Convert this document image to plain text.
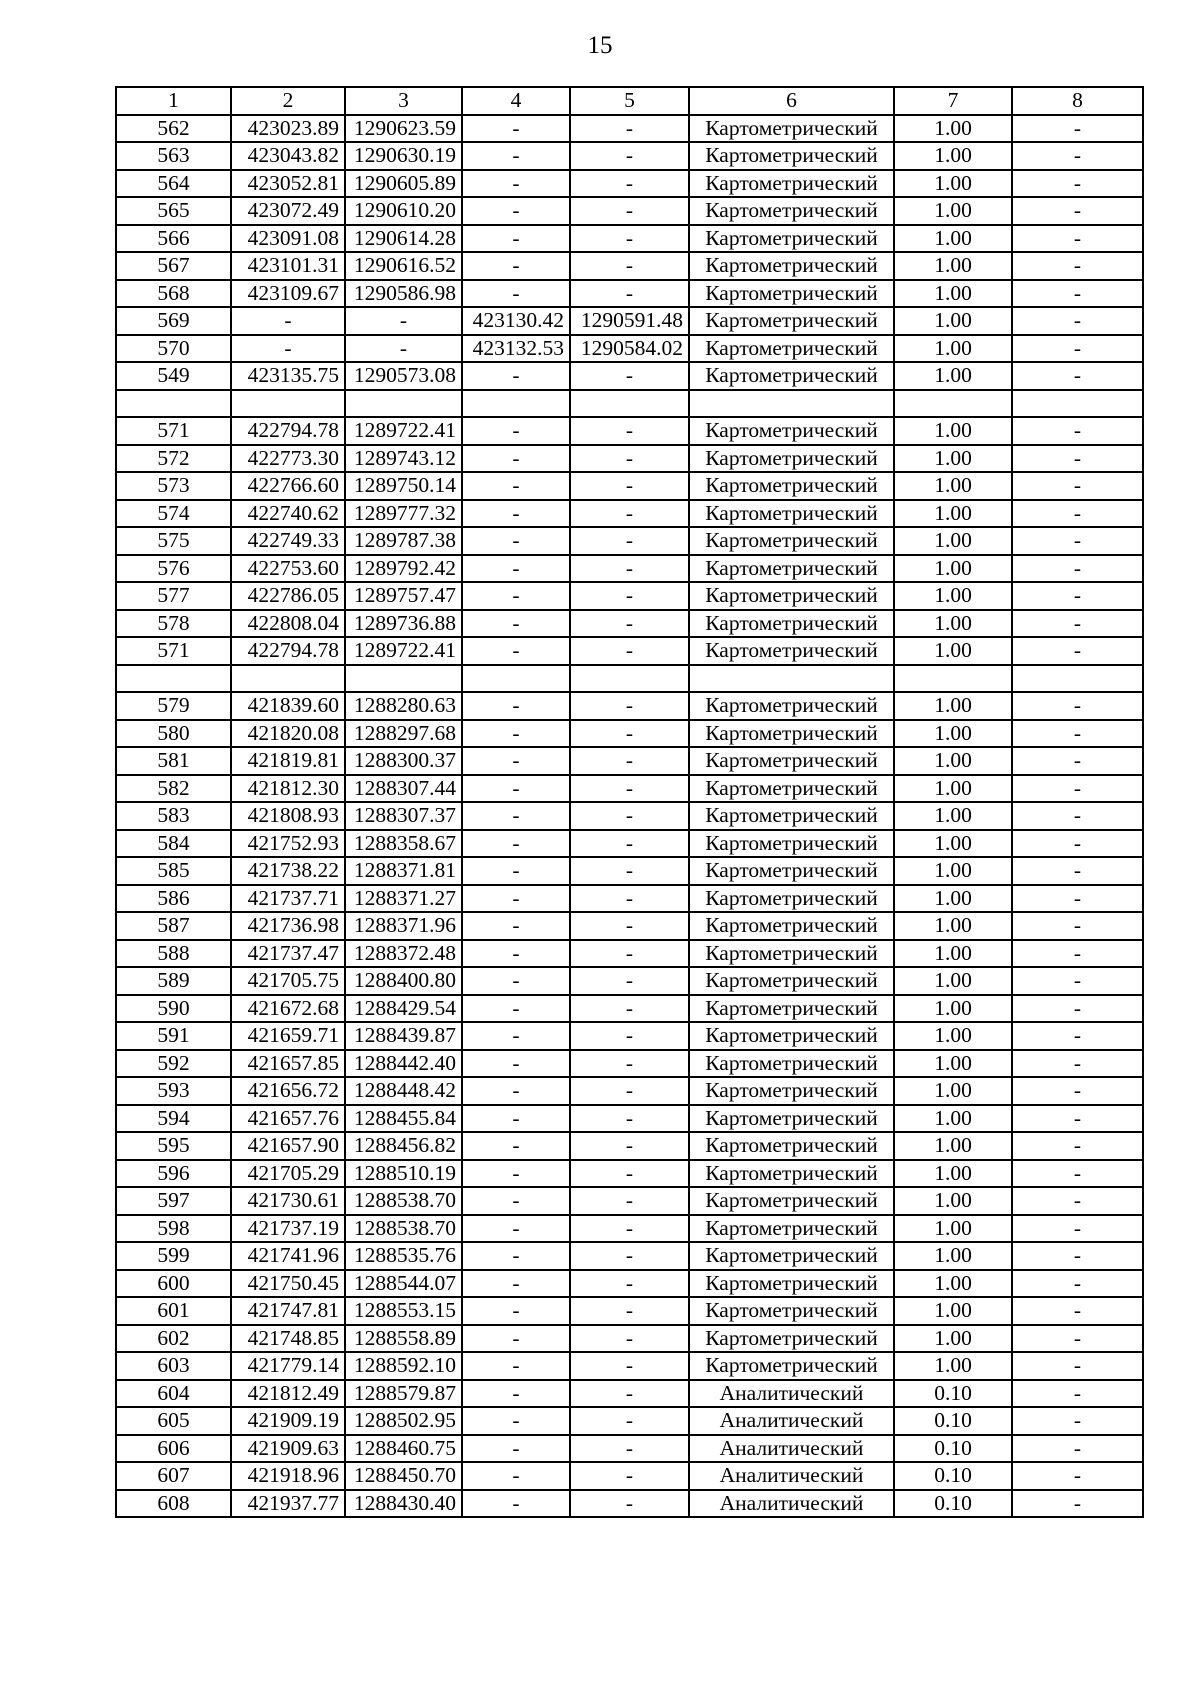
15
1	2	3	4	5	6	7	8
562	423023.89	1290623.59	-	-	Картометрический	1.00	-
563	423043.82	1290630.19	-	-	Картометрический	1.00	-
564	423052.81	1290605.89	-	-	Картометрический	1.00	-
565	423072.49	1290610.20	-	-	Картометрический	1.00	-
566	423091.08	1290614.28	-	-	Картометрический	1.00	-
567	423101.31	1290616.52	-	-	Картометрический	1.00	-
568	423109.67	1290586.98	-	-	Картометрический	1.00	-
569	-	-	423130.42	1290591.48	Картометрический	1.00	-
570	-	-	423132.53	1290584.02	Картометрический	1.00	-
549	423135.75	1290573.08	-	-	Картометрический	1.00	-

571	422794.78	1289722.41	-	-	Картометрический	1.00	-
572	422773.30	1289743.12	-	-	Картометрический	1.00	-
573	422766.60	1289750.14	-	-	Картометрический	1.00	-
574	422740.62	1289777.32	-	-	Картометрический	1.00	-
575	422749.33	1289787.38	-	-	Картометрический	1.00	-
576	422753.60	1289792.42	-	-	Картометрический	1.00	-
577	422786.05	1289757.47	-	-	Картометрический	1.00	-
578	422808.04	1289736.88	-	-	Картометрический	1.00	-
571	422794.78	1289722.41	-	-	Картометрический	1.00	-

579	421839.60	1288280.63	-	-	Картометрический	1.00	-
580	421820.08	1288297.68	-	-	Картометрический	1.00	-
581	421819.81	1288300.37	-	-	Картометрический	1.00	-
582	421812.30	1288307.44	-	-	Картометрический	1.00	-
583	421808.93	1288307.37	-	-	Картометрический	1.00	-
584	421752.93	1288358.67	-	-	Картометрический	1.00	-
585	421738.22	1288371.81	-	-	Картометрический	1.00	-
586	421737.71	1288371.27	-	-	Картометрический	1.00	-
587	421736.98	1288371.96	-	-	Картометрический	1.00	-
588	421737.47	1288372.48	-	-	Картометрический	1.00	-
589	421705.75	1288400.80	-	-	Картометрический	1.00	-
590	421672.68	1288429.54	-	-	Картометрический	1.00	-
591	421659.71	1288439.87	-	-	Картометрический	1.00	-
592	421657.85	1288442.40	-	-	Картометрический	1.00	-
593	421656.72	1288448.42	-	-	Картометрический	1.00	-
594	421657.76	1288455.84	-	-	Картометрический	1.00	-
595	421657.90	1288456.82	-	-	Картометрический	1.00	-
596	421705.29	1288510.19	-	-	Картометрический	1.00	-
597	421730.61	1288538.70	-	-	Картометрический	1.00	-
598	421737.19	1288538.70	-	-	Картометрический	1.00	-
599	421741.96	1288535.76	-	-	Картометрический	1.00	-
600	421750.45	1288544.07	-	-	Картометрический	1.00	-
601	421747.81	1288553.15	-	-	Картометрический	1.00	-
602	421748.85	1288558.89	-	-	Картометрический	1.00	-
603	421779.14	1288592.10	-	-	Картометрический	1.00	-
604	421812.49	1288579.87	-	-	Аналитический	0.10	-
605	421909.19	1288502.95	-	-	Аналитический	0.10	-
606	421909.63	1288460.75	-	-	Аналитический	0.10	-
607	421918.96	1288450.70	-	-	Аналитический	0.10	-
608	421937.77	1288430.40	-	-	Аналитический	0.10	-
